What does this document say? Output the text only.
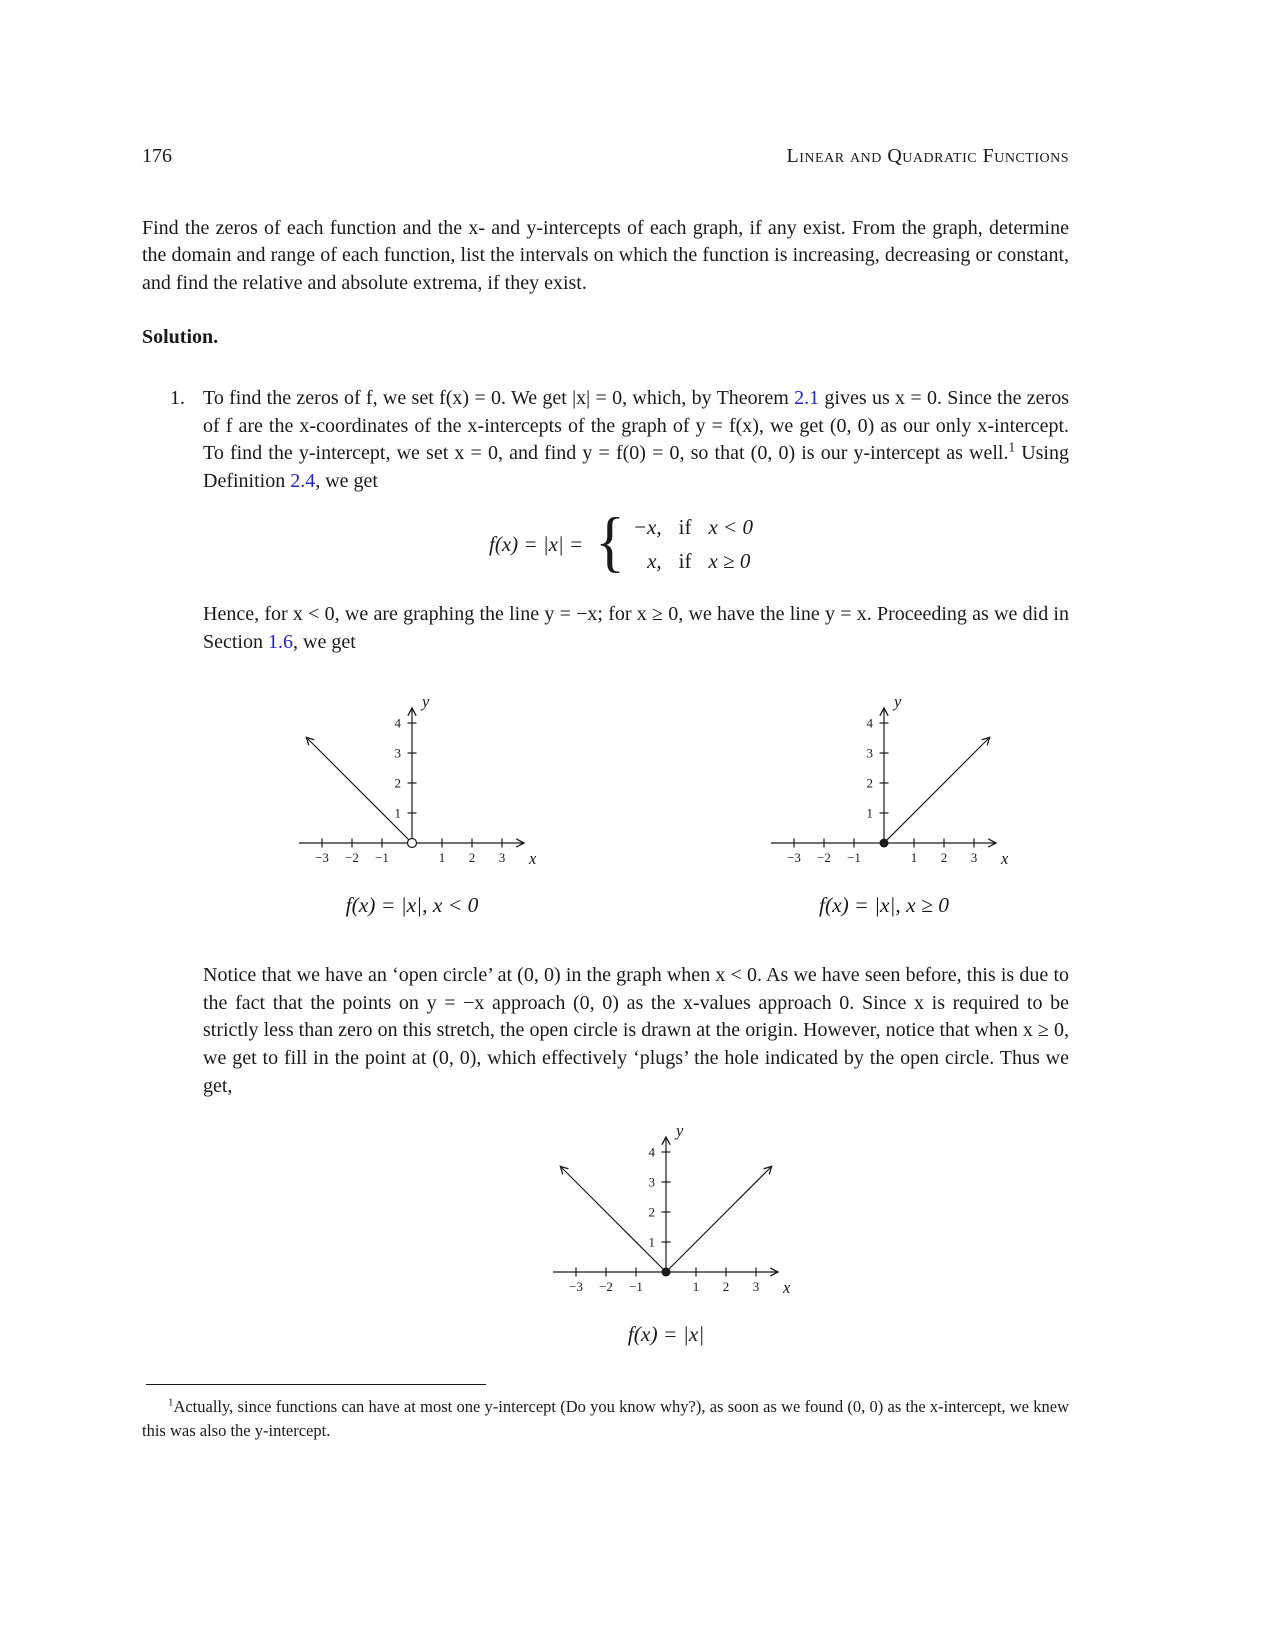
176	Linear and Quadratic Functions

Find the zeros of each function and the x- and y-intercepts of each graph, if any exist. From the graph, determine the domain and range of each function, list the intervals on which the function is increasing, decreasing or constant, and find the relative and absolute extrema, if they exist.

Solution.

1. To find the zeros of f, we set f(x) = 0. We get |x| = 0, which, by Theorem 2.1 gives us x = 0. Since the zeros of f are the x-coordinates of the x-intercepts of the graph of y = f(x), we get (0, 0) as our only x-intercept. To find the y-intercept, we set x = 0, and find y = f(0) = 0, so that (0, 0) is our y-intercept as well.$^1$ Using Definition 2.4, we get

f(x) = |x| = { −x, if x < 0
x, if x ≥ 0

Hence, for x < 0, we are graphing the line y = −x; for x ≥ 0, we have the line y = x. Proceeding as we did in Section 1.6, we get

−3 −2 −1	1 2 3
4
3
2
1
x
y
f(x) = |x|, x < 0
−3 −2 −1	1 2 3
4
3
2
1
x
y
f(x) = |x|, x ≥ 0

Notice that we have an ‘open circle’ at (0, 0) in the graph when x < 0. As we have seen before, this is due to the fact that the points on y = −x approach (0, 0) as the x-values approach 0. Since x is required to be strictly less than zero on this stretch, the open circle is drawn at the origin. However, notice that when x ≥ 0, we get to fill in the point at (0, 0), which effectively ‘plugs’ the hole indicated by the open circle. Thus we get,

−3 −2 −1	1 2 3
4
3
2
1
x
y
f(x) = |x|

$^1$Actually, since functions can have at most one y-intercept (Do you know why?), as soon as we found (0, 0) as the x-intercept, we knew this was also the y-intercept.
